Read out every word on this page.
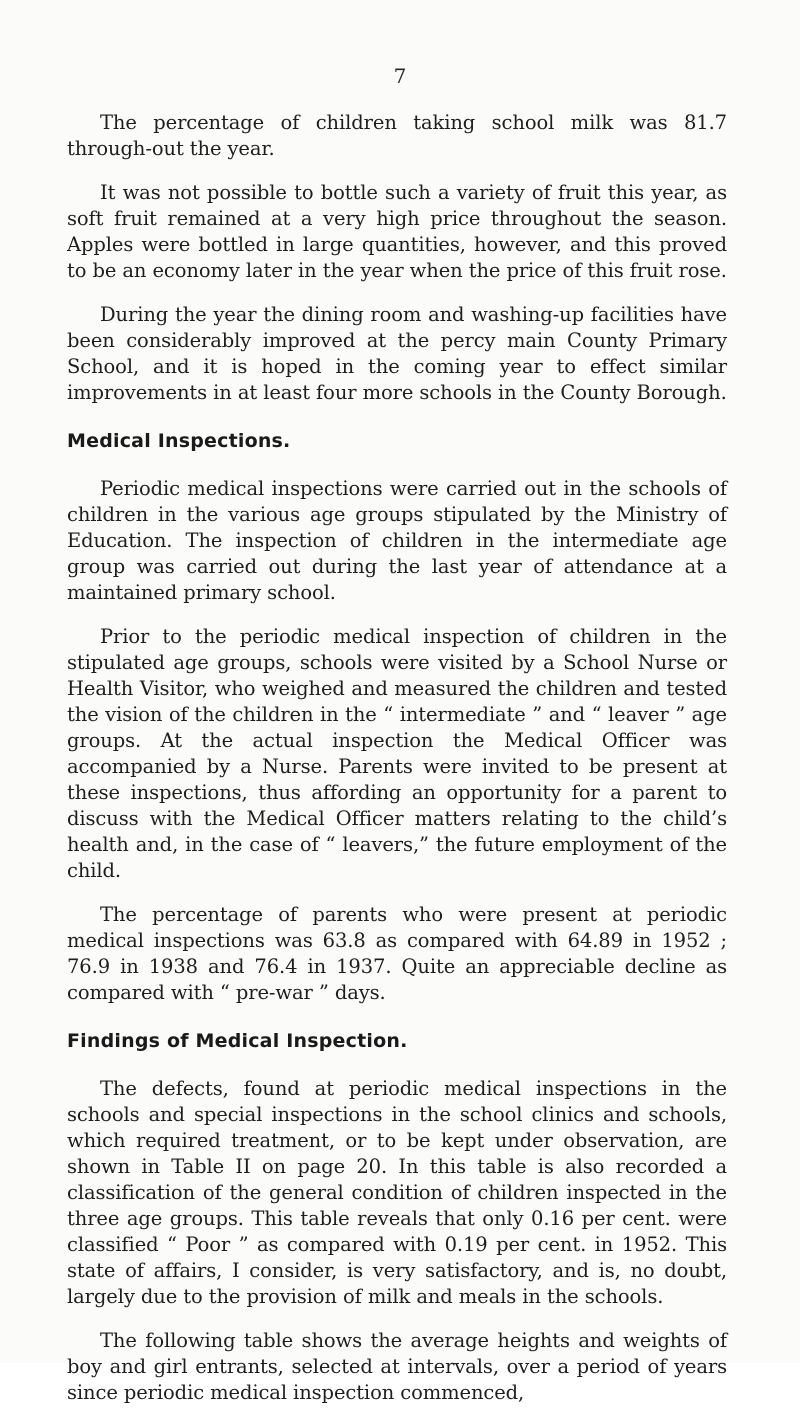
7

The percentage of children taking school milk was 81.7 through-out the year.

It was not possible to bottle such a variety of fruit this year, as soft fruit remained at a very high price throughout the season. Apples were bottled in large quantities, however, and this proved to be an economy later in the year when the price of this fruit rose.

During the year the dining room and washing-up facilities have been considerably improved at the percy main County Primary School, and it is hoped in the coming year to effect similar improvements in at least four more schools in the County Borough.

Medical Inspections.

Periodic medical inspections were carried out in the schools of children in the various age groups stipulated by the Ministry of Education. The inspection of children in the intermediate age group was carried out during the last year of attendance at a maintained primary school.

Prior to the periodic medical inspection of children in the stipulated age groups, schools were visited by a School Nurse or Health Visitor, who weighed and measured the children and tested the vision of the children in the “ intermediate ” and “ leaver ” age groups. At the actual inspection the Medical Officer was accompanied by a Nurse. Parents were invited to be present at these inspections, thus affording an opportunity for a parent to discuss with the Medical Officer matters relating to the child’s health and, in the case of “ leavers,” the future employment of the child.

The percentage of parents who were present at periodic medical inspections was 63.8 as compared with 64.89 in 1952 ; 76.9 in 1938 and 76.4 in 1937. Quite an appreciable decline as compared with “ pre-war ” days.

Findings of Medical Inspection.

The defects, found at periodic medical inspections in the schools and special inspections in the school clinics and schools, which required treatment, or to be kept under observation, are shown in Table II on page 20. In this table is also recorded a classification of the general condition of children inspected in the three age groups. This table reveals that only 0.16 per cent. were classified “ Poor ” as compared with 0.19 per cent. in 1952. This state of affairs, I consider, is very satisfactory, and is, no doubt, largely due to the provision of milk and meals in the schools.

The following table shows the average heights and weights of boy and girl entrants, selected at intervals, over a period of years since periodic medical inspection commenced,
